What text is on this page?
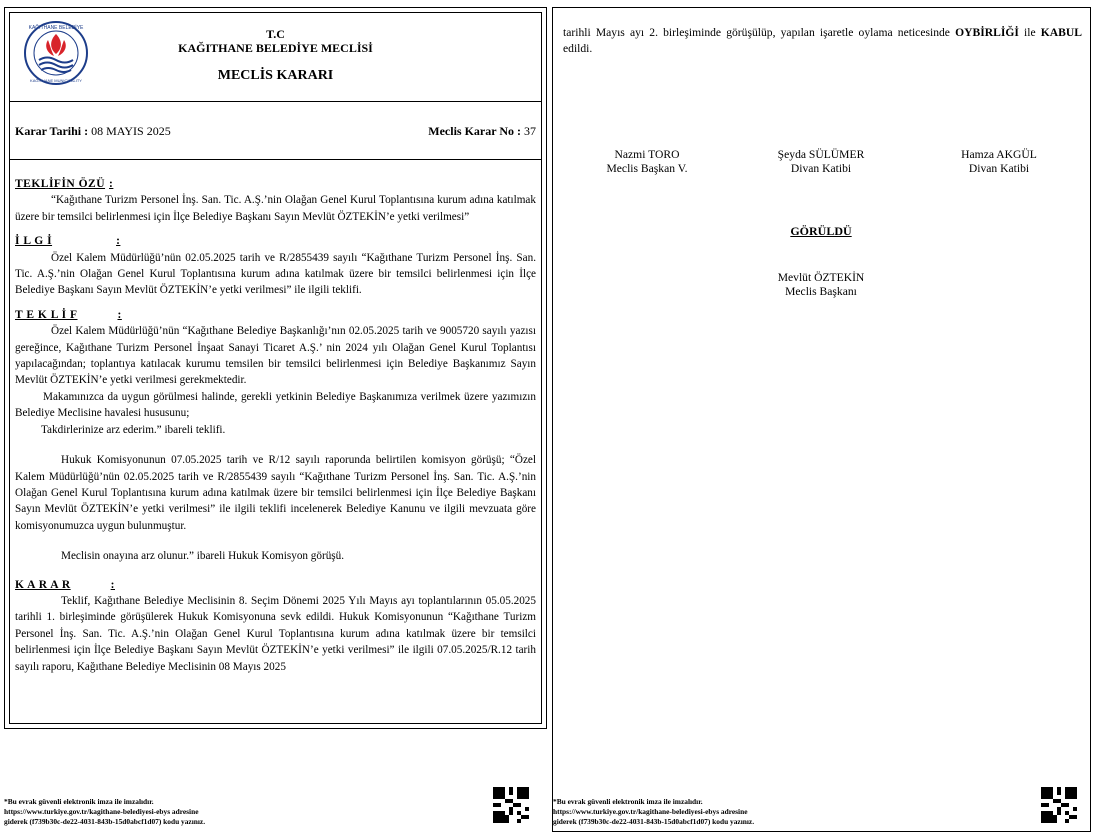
KAĞITHANE BELEDİYE
KAĞITHANE MUNICIPALITY
T.C
KAĞITHANE BELEDİYE MECLİSİ
MECLİS KARARI
Karar Tarihi : 08 MAYIS 2025	Meclis Karar No : 37
TEKLİFİN ÖZÜ :

“Kağıthane Turizm Personel İnş. San. Tic. A.Ş.’nin Olağan Genel Kurul Toplantısına kurum adına katılmak üzere bir temsilci belirlenmesi için İlçe Belediye Başkanı Sayın Mevlüt ÖZTEKİN’e yetki verilmesi”

İ L G İ	:

Özel Kalem Müdürlüğü’nün 02.05.2025 tarih ve R/2855439 sayılı “Kağıthane Turizm Personel İnş. San. Tic. A.Ş.’nin Olağan Genel Kurul Toplantısına kurum adına katılmak üzere bir temsilci belirlenmesi için İlçe Belediye Başkanı Sayın Mevlüt ÖZTEKİN’e yetki verilmesi” ile ilgili teklifi.

T E K L İ F	:

Özel Kalem Müdürlüğü’nün “Kağıthane Belediye Başkanlığı’nın 02.05.2025 tarih ve 9005720 sayılı yazısı gereğince, Kağıthane Turizm Personel İnşaat Sanayi Ticaret A.Ş.’ nin 2024 yılı Olağan Genel Kurul Toplantısı yapılacağından; toplantıya katılacak kurumu temsilen bir temsilci belirlenmesi için Belediye Başkanımız Sayın Mevlüt ÖZTEKİN’e yetki verilmesi gerekmektedir.

Makamınızca da uygun görülmesi halinde, gerekli yetkinin Belediye Başkanımıza verilmek üzere yazımızın Belediye Meclisine havalesi hususunu;

Takdirlerinize arz ederim.” ibareli teklifi.

Hukuk Komisyonunun 07.05.2025 tarih ve R/12 sayılı raporunda belirtilen komisyon görüşü; “Özel Kalem Müdürlüğü’nün 02.05.2025 tarih ve R/2855439 sayılı “Kağıthane Turizm Personel İnş. San. Tic. A.Ş.’nin Olağan Genel Kurul Toplantısına kurum adına katılmak üzere bir temsilci belirlenmesi için İlçe Belediye Başkanı Sayın Mevlüt ÖZTEKİN’e yetki verilmesi” ile ilgili teklifi incelenerek Belediye Kanunu ve ilgili mevzuata göre komisyonumuzca uygun bulunmuştur.

Meclisin onayına arz olunur.” ibareli Hukuk Komisyon görüşü.

K A R A R	:

Teklif, Kağıthane Belediye Meclisinin 8. Seçim Dönemi 2025 Yılı Mayıs ayı toplantılarının 05.05.2025 tarihli 1. birleşiminde görüşülerek Hukuk Komisyonuna sevk edildi. Hukuk Komisyonunun “Kağıthane Turizm Personel İnş. San. Tic. A.Ş.’nin Olağan Genel Kurul Toplantısına kurum adına katılmak üzere bir temsilci belirlenmesi için İlçe Belediye Başkanı Sayın Mevlüt ÖZTEKİN’e yetki verilmesi” ile ilgili 07.05.2025/R.12 tarih sayılı raporu, Kağıthane Belediye Meclisinin 08 Mayıs 2025

*Bu evrak güvenli elektronik imza ile imzalıdır.
https://www.turkiye.gov.tr/kagithane-belediyesi-ebys adresine
giderek (f739b30c-de22-4031-843b-15d0abcf1d07) kodu yazınız.

tarihli Mayıs ayı 2. birleşiminde görüşülüp, yapılan işaretle oylama neticesinde OYBİRLİĞİ ile KABUL edildi.

Nazmi TORO
Meclis Başkan V.
Şeyda SÜLÜMER
Divan Katibi
Hamza AKGÜL
Divan Katibi
GÖRÜLDÜ
Mevlüt ÖZTEKİN
Meclis Başkanı
*Bu evrak güvenli elektronik imza ile imzalıdır.
https://www.turkiye.gov.tr/kagithane-belediyesi-ebys adresine
giderek (f739b30c-de22-4031-843b-15d0abcf1d07) kodu yazınız.
